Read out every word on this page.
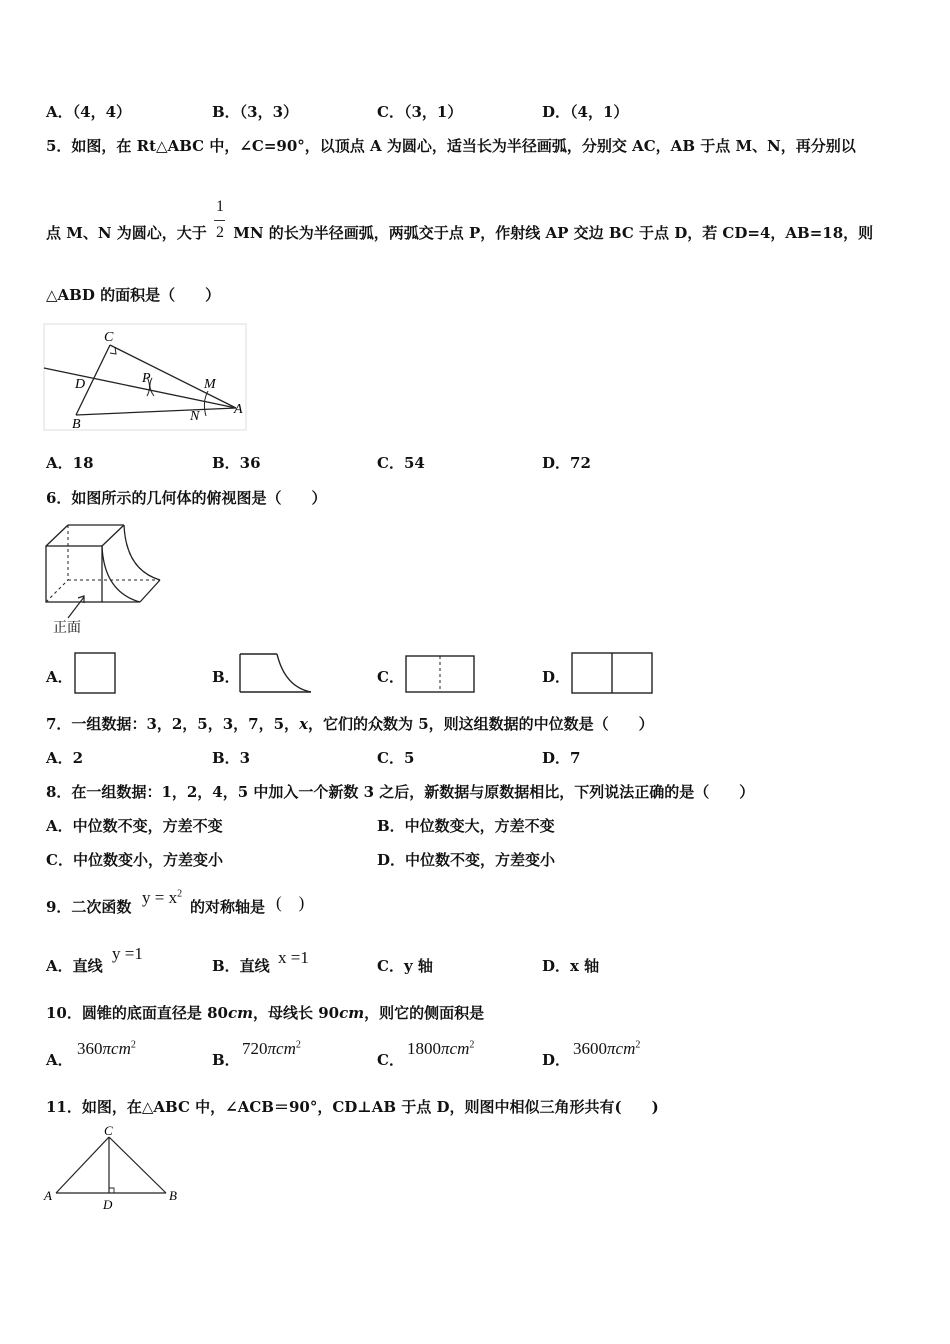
A．（4，4）	B．（3，3）	C．（3，1）	D．（4，1）
5．如图，在 Rt△ABC 中，∠C=90°，以顶点 A 为圆心，适当长为半径画弧，分别交 AC，AB 于点 M、N，再分别以
点 M、N 为圆心，大于 $\frac{1}{2}$ MN 的长为半径画弧，两弧交于点 P，作射线 AP 交边 BC 于点 D，若 CD=4，AB=18，则
△ABD 的面积是（　　）
C
D	P	M
N A
B
A．18	B．36	C．54	D．72
6．如图所示的几何体的俯视图是（　　）
正面
A．	B．	C．	D．
7．一组数据：3，2，5，3，7，5，x，它们的众数为 5，则这组数据的中位数是（　　）
A．2	B．3	C．5	D．7
8．在一组数据：1，2，4，5 中加入一个新数 3 之后，新数据与原数据相比，下列说法正确的是（　　）
A．中位数不变，方差不变	B．中位数变大，方差不变
C．中位数变小，方差变小	D．中位数不变，方差变小
9．二次函数 $y = x^2$
的对称轴是 (　)
A．直线
y =1
B．直线 x =1	C．y 轴	D．x 轴
10．圆锥的底面直径是 80cm，母线长 90cm，则它的侧面积是
A．
360πcm$^2$
B．
720πcm$^2$
C．
1800πcm$^2$
D．
3600πcm$^2$
11．如图，在△ABC 中，∠ACB＝90°，CD⊥AB 于点 D，则图中相似三角形共有(　　)
C
A
D
B
